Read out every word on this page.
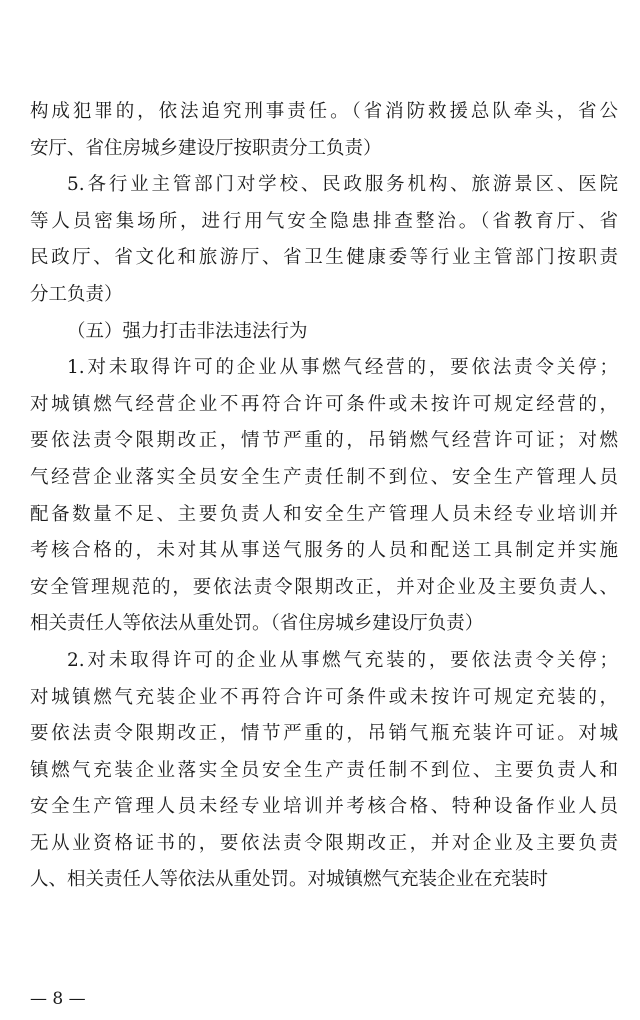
构成犯罪的，依法追究刑事责任。（省消防救援总队牵头，省公
安厅、省住房城乡建设厅按职责分工负责）
5.各行业主管部门对学校、民政服务机构、旅游景区、医院
等人员密集场所，进行用气安全隐患排查整治。（省教育厅、省
民政厅、省文化和旅游厅、省卫生健康委等行业主管部门按职责
分工负责）
（五）强力打击非法违法行为
1.对未取得许可的企业从事燃气经营的，要依法责令关停；
对城镇燃气经营企业不再符合许可条件或未按许可规定经营的，
要依法责令限期改正，情节严重的，吊销燃气经营许可证；对燃
气经营企业落实全员安全生产责任制不到位、安全生产管理人员
配备数量不足、主要负责人和安全生产管理人员未经专业培训并
考核合格的，未对其从事送气服务的人员和配送工具制定并实施
安全管理规范的，要依法责令限期改正，并对企业及主要负责人、
相关责任人等依法从重处罚。（省住房城乡建设厅负责）
2.对未取得许可的企业从事燃气充装的，要依法责令关停；
对城镇燃气充装企业不再符合许可条件或未按许可规定充装的，
要依法责令限期改正，情节严重的，吊销气瓶充装许可证。对城
镇燃气充装企业落实全员安全生产责任制不到位、主要负责人和
安全生产管理人员未经专业培训并考核合格、特种设备作业人员
无从业资格证书的，要依法责令限期改正，并对企业及主要负责
人、相关责任人等依法从重处罚。对城镇燃气充装企业在充装时
— 8 —
